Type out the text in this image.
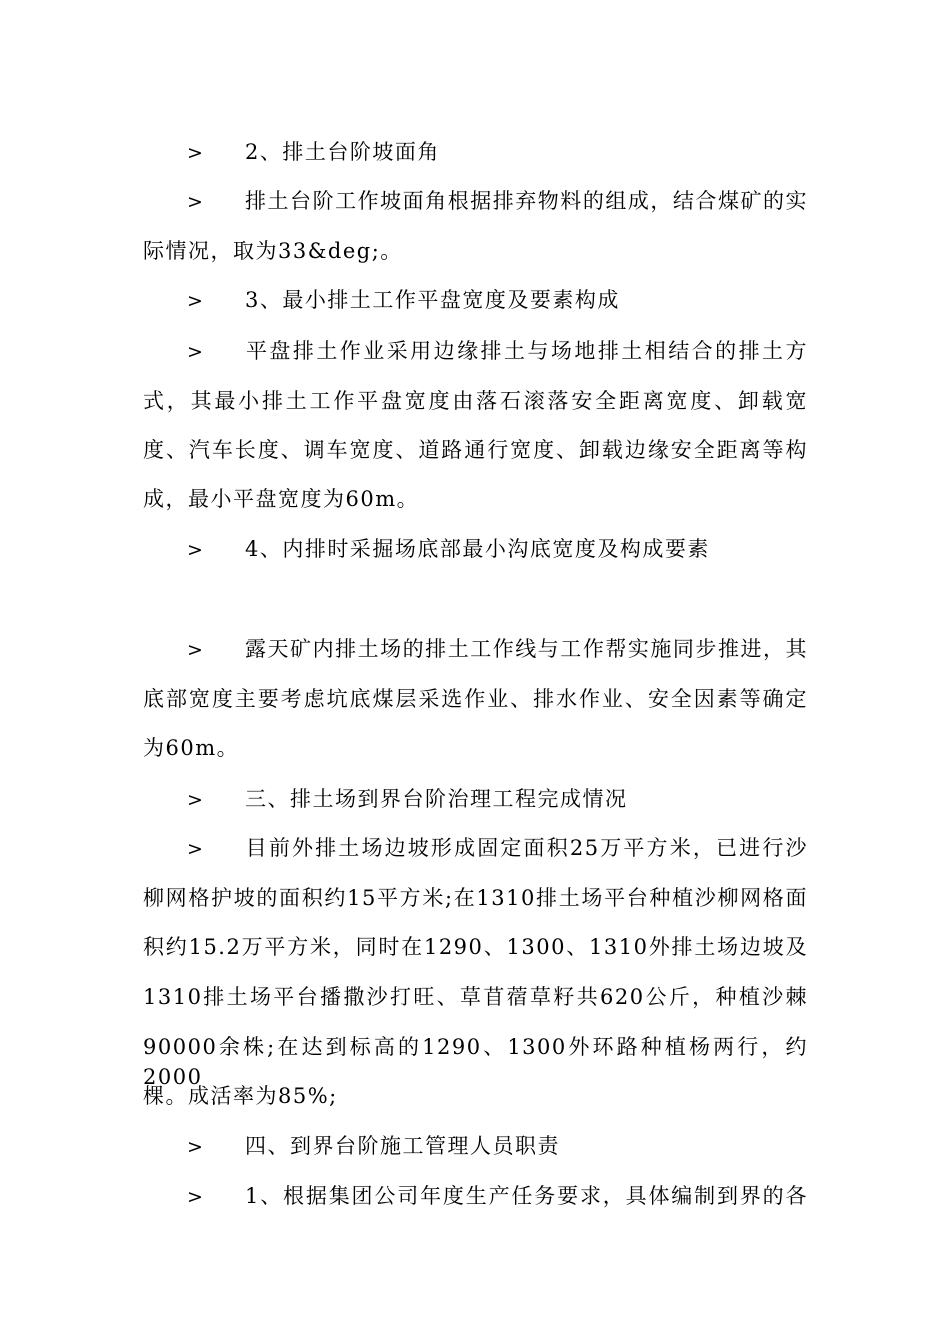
> 2、排土台阶坡面角
> 排土台阶工作坡面角根据排弃物料的组成，结合煤矿的实
际情况，取为33&deg;。
> 3、最小排土工作平盘宽度及要素构成
> 平盘排土作业采用边缘排土与场地排土相结合的排土方
式，其最小排土工作平盘宽度由落石滚落安全距离宽度、卸载宽
度、汽车长度、调车宽度、道路通行宽度、卸载边缘安全距离等构
成，最小平盘宽度为60m。
> 4、内排时采掘场底部最小沟底宽度及构成要素
> 露天矿内排土场的排土工作线与工作帮实施同步推进，其
底部宽度主要考虑坑底煤层采选作业、排水作业、安全因素等确定
为60m。
> 三、排土场到界台阶治理工程完成情况
> 目前外排土场边坡形成固定面积25万平方米，已进行沙
柳网格护坡的面积约15平方米;在1310排土场平台种植沙柳网格面
积约15.2万平方米，同时在1290、1300、1310外排土场边坡及
1310排土场平台播撒沙打旺、草苜蓿草籽共620公斤，种植沙棘
90000余株;在达到标高的1290、1300外环路种植杨两行，约2000
棵。成活率为85%;
> 四、到界台阶施工管理人员职责
> 1、根据集团公司年度生产任务要求，具体编制到界的各
